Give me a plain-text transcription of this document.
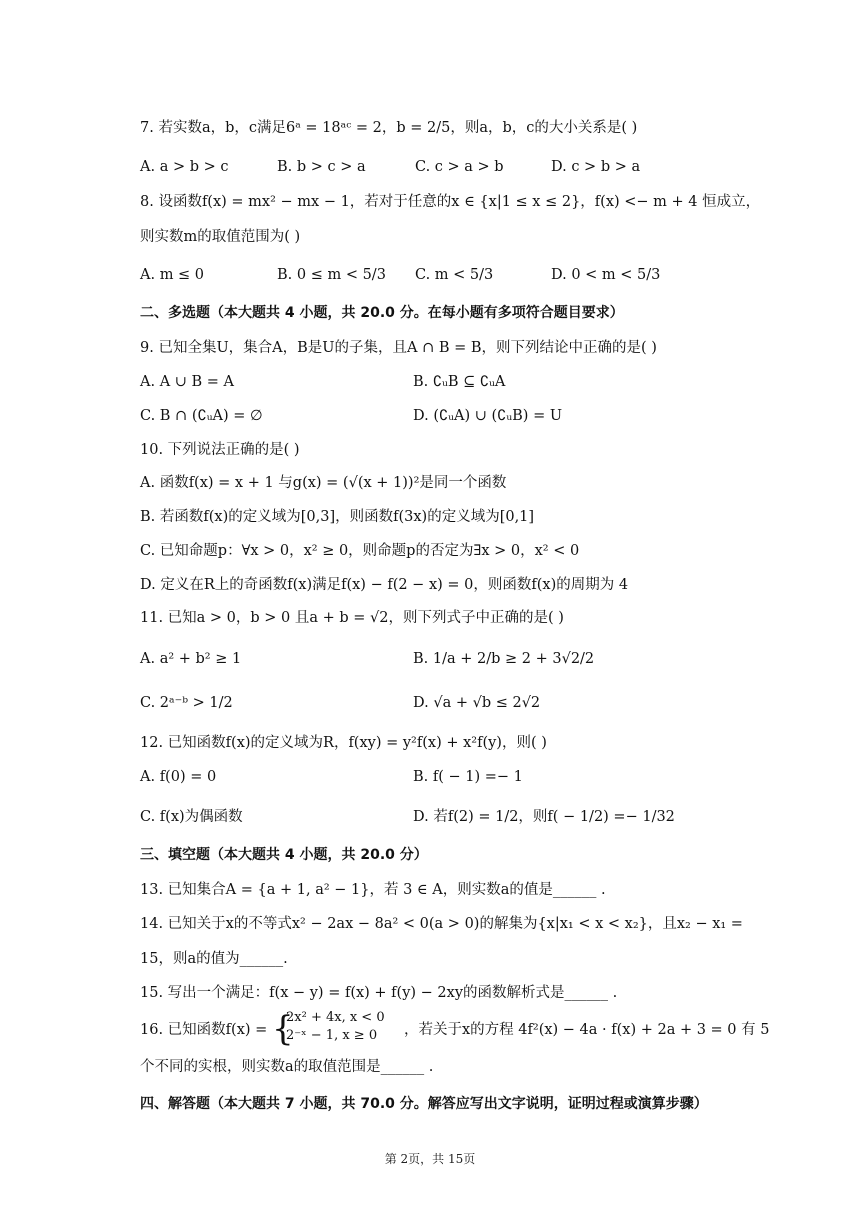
7. 若实数a，b，c满足6ᵃ = 18ᵃᶜ = 2，b = 2/5，则a，b，c的大小关系是( )
A. a > b > c	B. b > c > a	C. c > a > b	D. c > b > a
8. 设函数f(x) = mx² − mx − 1，若对于任意的x ∈ {x|1 ≤ x ≤ 2}，f(x) <− m + 4 恒成立，
则实数m的取值范围为( )
A. m ≤ 0	B. 0 ≤ m < 5/3 C. m < 5/3	D. 0 < m < 5/3
二、多选题（本大题共 4 小题，共 20.0 分。在每小题有多项符合题目要求）
9. 已知全集U，集合A，B是U的子集，且A ∩ B = B，则下列结论中正确的是( )
A. A ∪ B = A	B. ∁ᵤB ⊆ ∁ᵤA
C. B ∩ (∁ᵤA) = ∅	D. (∁ᵤA) ∪ (∁ᵤB) = U
10. 下列说法正确的是( )
A. 函数f(x) = x + 1 与g(x) = (√(x + 1))²是同一个函数
B. 若函数f(x)的定义域为[0,3]，则函数f(3x)的定义域为[0,1]
C. 已知命题p：∀x > 0，x² ≥ 0，则命题p的否定为∃x > 0，x² < 0
D. 定义在R上的奇函数f(x)满足f(x) − f(2 − x) = 0，则函数f(x)的周期为 4
11. 已知a > 0，b > 0 且a + b = √2，则下列式子中正确的是( )
A. a² + b² ≥ 1	B. 1/a + 2/b ≥ 2 + 3√2/2
C. 2ᵃ⁻ᵇ > 1/2	D. √a + √b ≤ 2√2
12. 已知函数f(x)的定义域为R，f(xy) = y²f(x) + x²f(y)，则( )
A. f(0) = 0	B. f( − 1) =− 1
C. f(x)为偶函数	D. 若f(2) = 1/2，则f( − 1/2) =− 1/32
三、填空题（本大题共 4 小题，共 20.0 分）
13. 已知集合A = {a + 1, a² − 1}，若 3 ∈ A，则实数a的值是______ .
14. 已知关于x的不等式x² − 2ax − 8a² < 0(a > 0)的解集为{x|x₁ < x < x₂}，且x₂ − x₁ =
15，则a的值为______.
15. 写出一个满足：f(x − y) = f(x) + f(y) − 2xy的函数解析式是______ .
16. 已知函数f(x) = {
2x² + 4x, x < 0
2⁻ˣ − 1, x ≥ 0 ，若关于x的方程 4f²(x) − 4a · f(x) + 2a + 3 = 0 有 5
个不同的实根，则实数a的取值范围是______ .
四、解答题（本大题共 7 小题，共 70.0 分。解答应写出文字说明，证明过程或演算步骤）
第 2页，共 15页
